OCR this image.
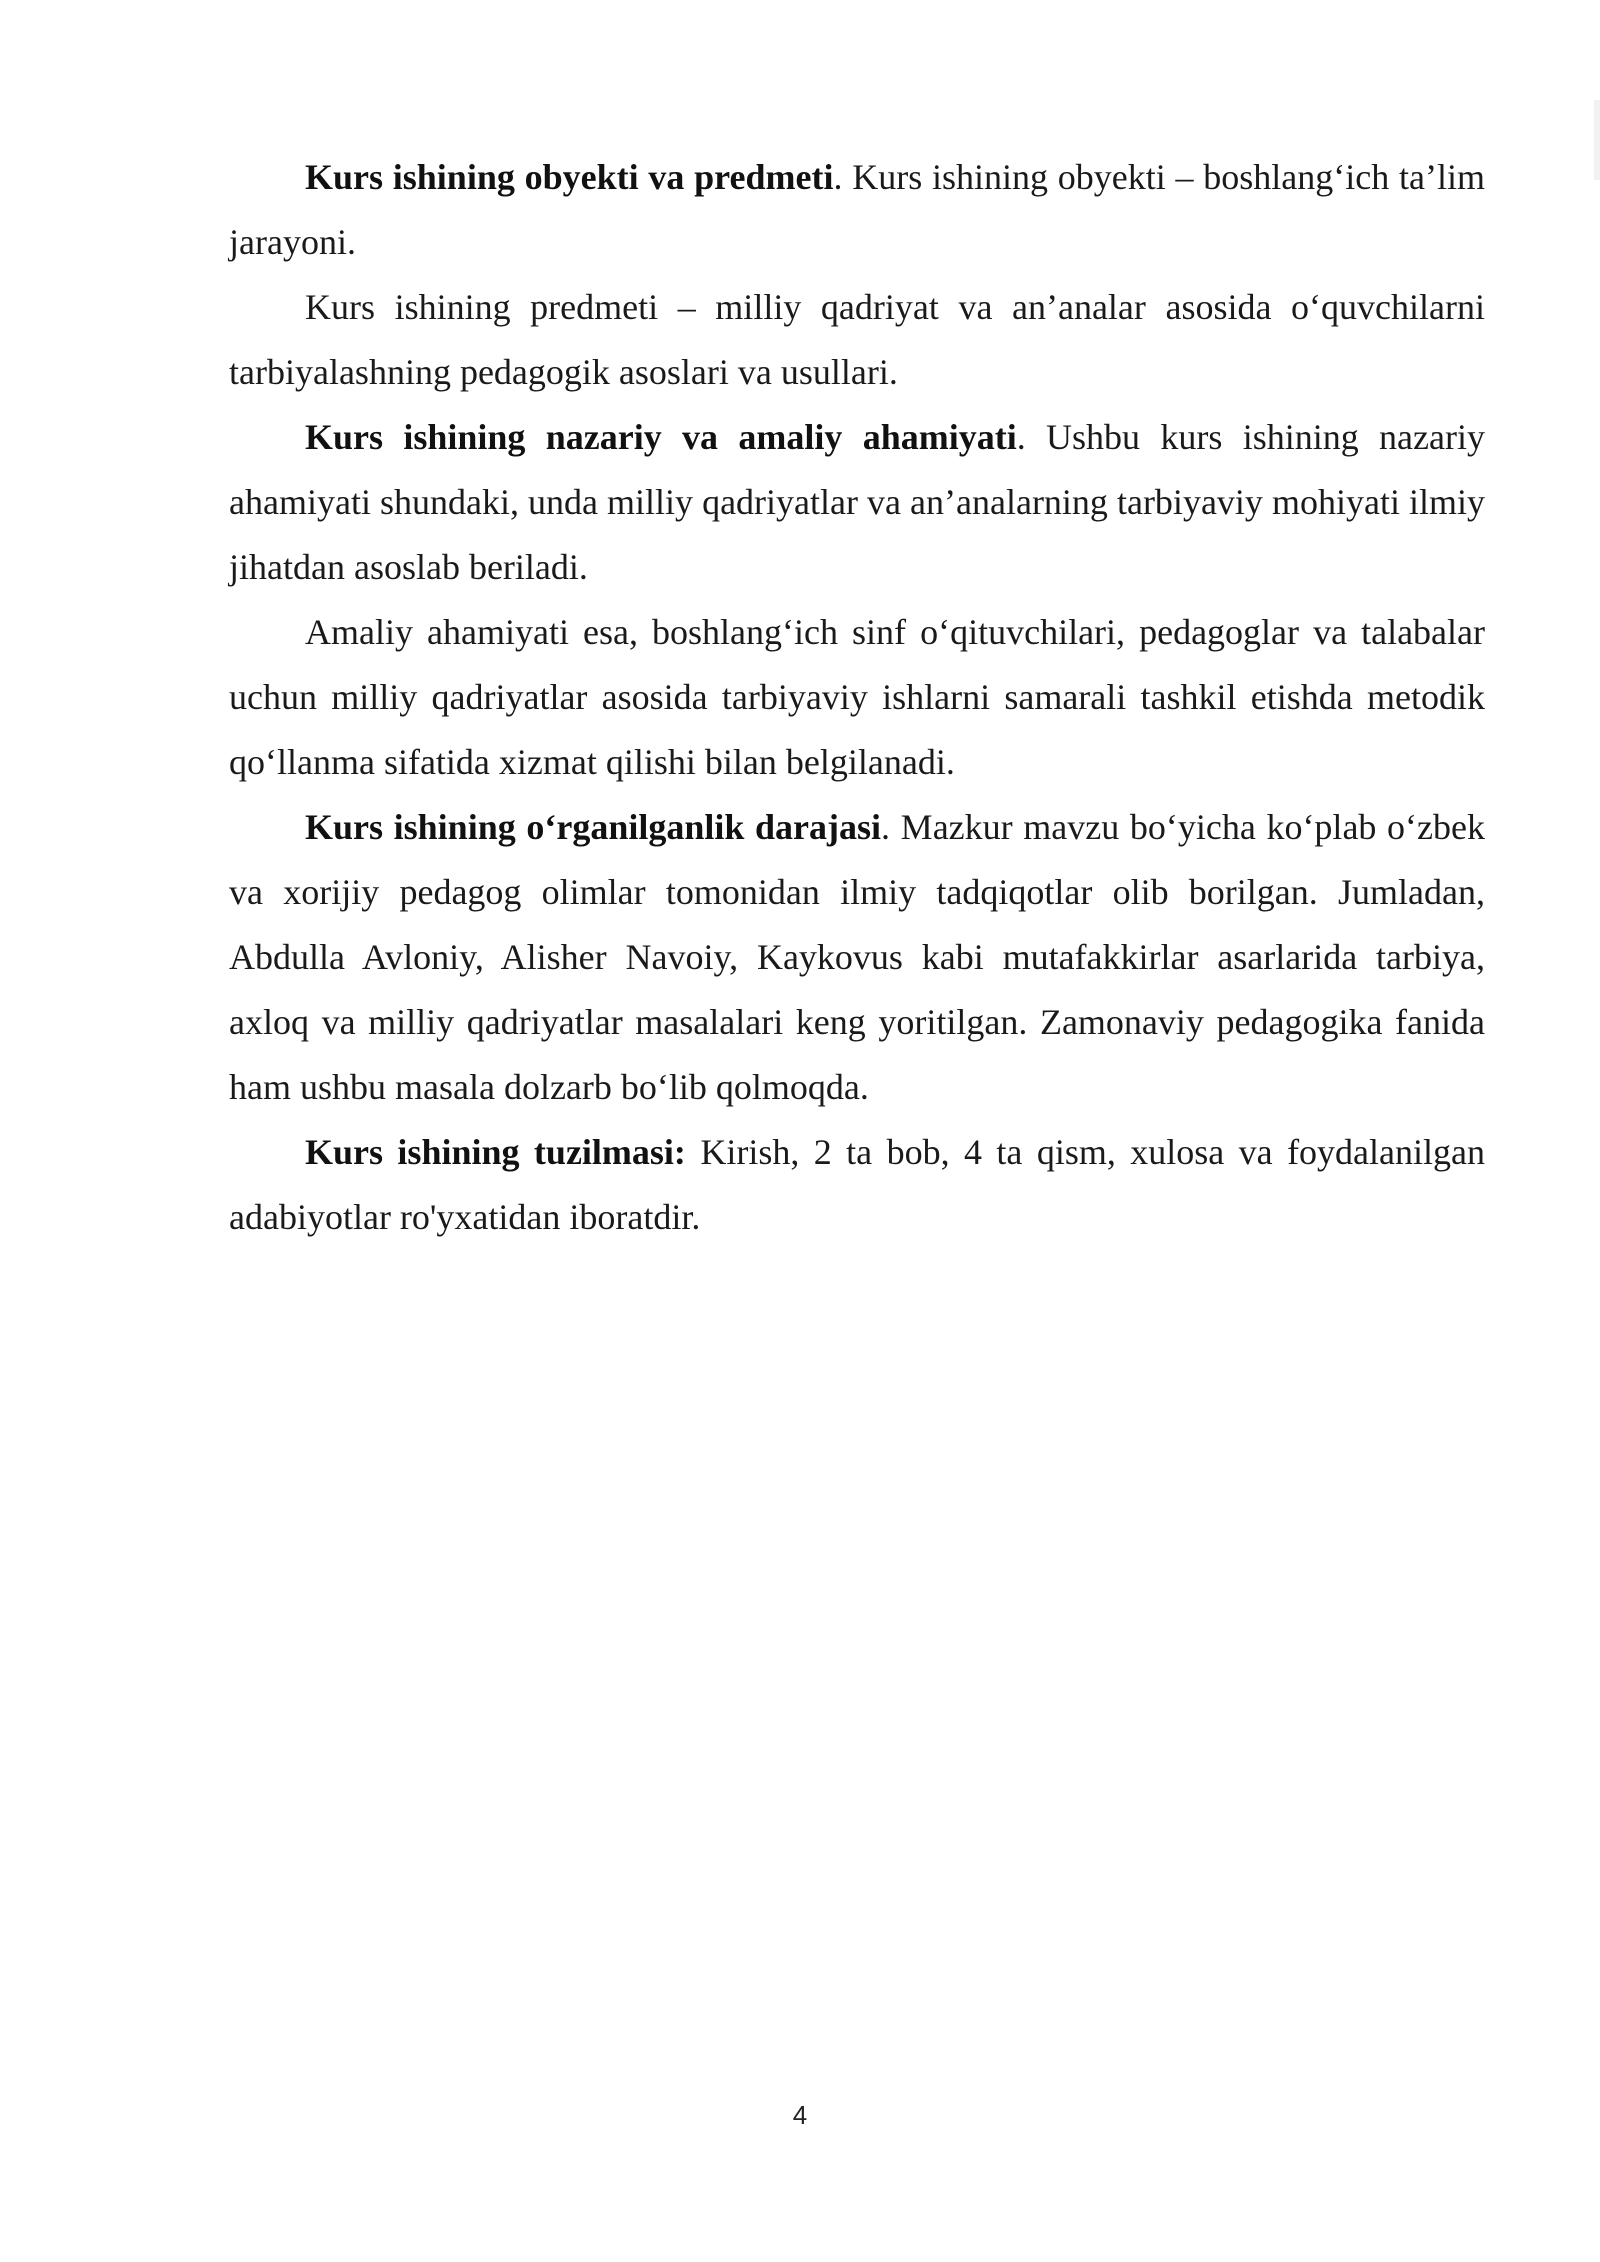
Kurs ishining obyekti va predmeti. Kurs ishining obyekti – boshlang‘ich ta’lim jarayoni.

Kurs ishining predmeti – milliy qadriyat va an’analar asosida o‘quvchilarni tarbiyalashning pedagogik asoslari va usullari.

Kurs ishining nazariy va amaliy ahamiyati. Ushbu kurs ishining nazariy ahamiyati shundaki, unda milliy qadriyatlar va an’analarning tarbiyaviy mohiyati ilmiy jihatdan asoslab beriladi.

Amaliy ahamiyati esa, boshlang‘ich sinf o‘qituvchilari, pedagoglar va talabalar uchun milliy qadriyatlar asosida tarbiyaviy ishlarni samarali tashkil etishda metodik qo‘llanma sifatida xizmat qilishi bilan belgilanadi.

Kurs ishining o‘rganilganlik darajasi. Mazkur mavzu bo‘yicha ko‘plab o‘zbek va xorijiy pedagog olimlar tomonidan ilmiy tadqiqotlar olib borilgan. Jumladan, Abdulla Avloniy, Alisher Navoiy, Kaykovus kabi mutafakkirlar asarlarida tarbiya, axloq va milliy qadriyatlar masalalari keng yoritilgan. Zamonaviy pedagogika fanida ham ushbu masala dolzarb bo‘lib qolmoqda.

Kurs ishining tuzilmasi: Kirish, 2 ta bob, 4 ta qism, xulosa va foydalanilgan adabiyotlar ro'yxatidan iboratdir.

4
